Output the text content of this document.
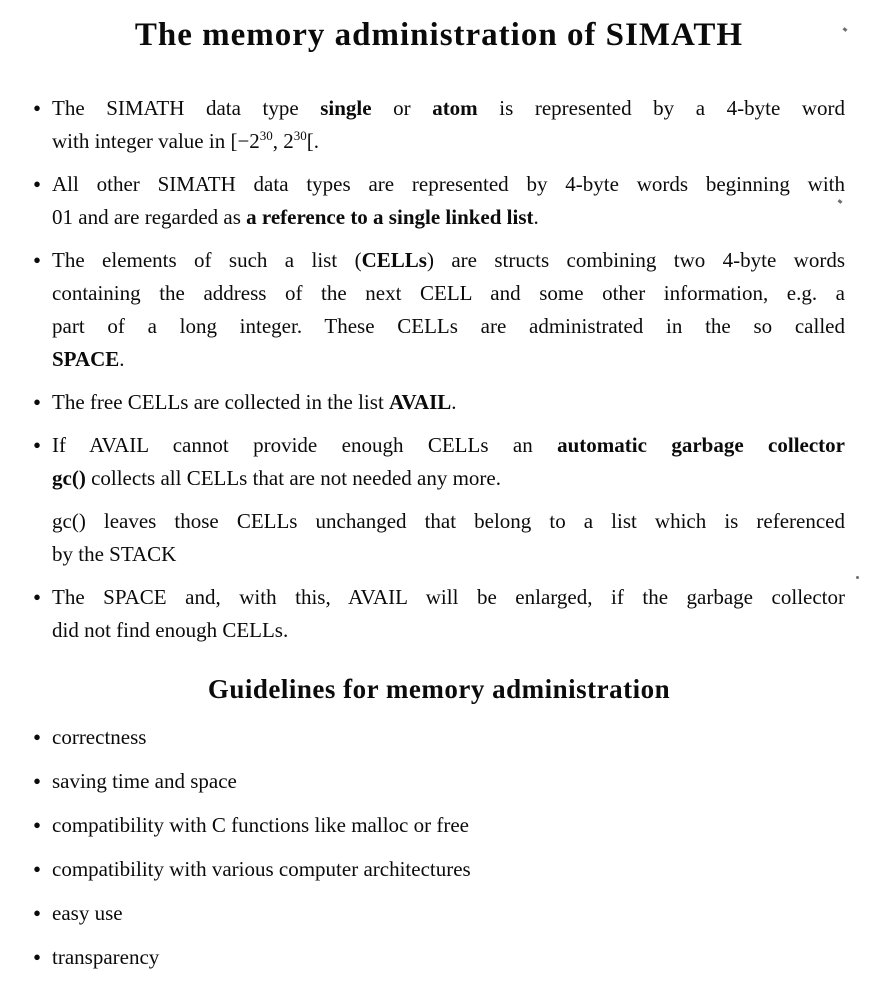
The memory administration of SIMATH
• The SIMATH data type single or atom is represented by a 4-byte word
with integer value in [$-2^{30}$, $2^{30}$[.
• All other SIMATH data types are represented by 4-byte words beginning with
01 and are regarded as a reference to a single linked list.
• The elements of such a list (CELLs) are structs combining two 4-byte words
containing the address of the next CELL and some other information, e.g. a
part of a long integer. These CELLs are administrated in the so called
SPACE.
• The free CELLs are collected in the list AVAIL.
• If AVAIL cannot provide enough CELLs an automatic garbage collector
gc() collects all CELLs that are not needed any more.
gc() leaves those CELLs unchanged that belong to a list which is referenced
by the STACK
• The SPACE and, with this, AVAIL will be enlarged, if the garbage collector
did not find enough CELLs.
Guidelines for memory administration
• correctness
• saving time and space
• compatibility with C functions like malloc or free
• compatibility with various computer architectures
• easy use
• transparency
